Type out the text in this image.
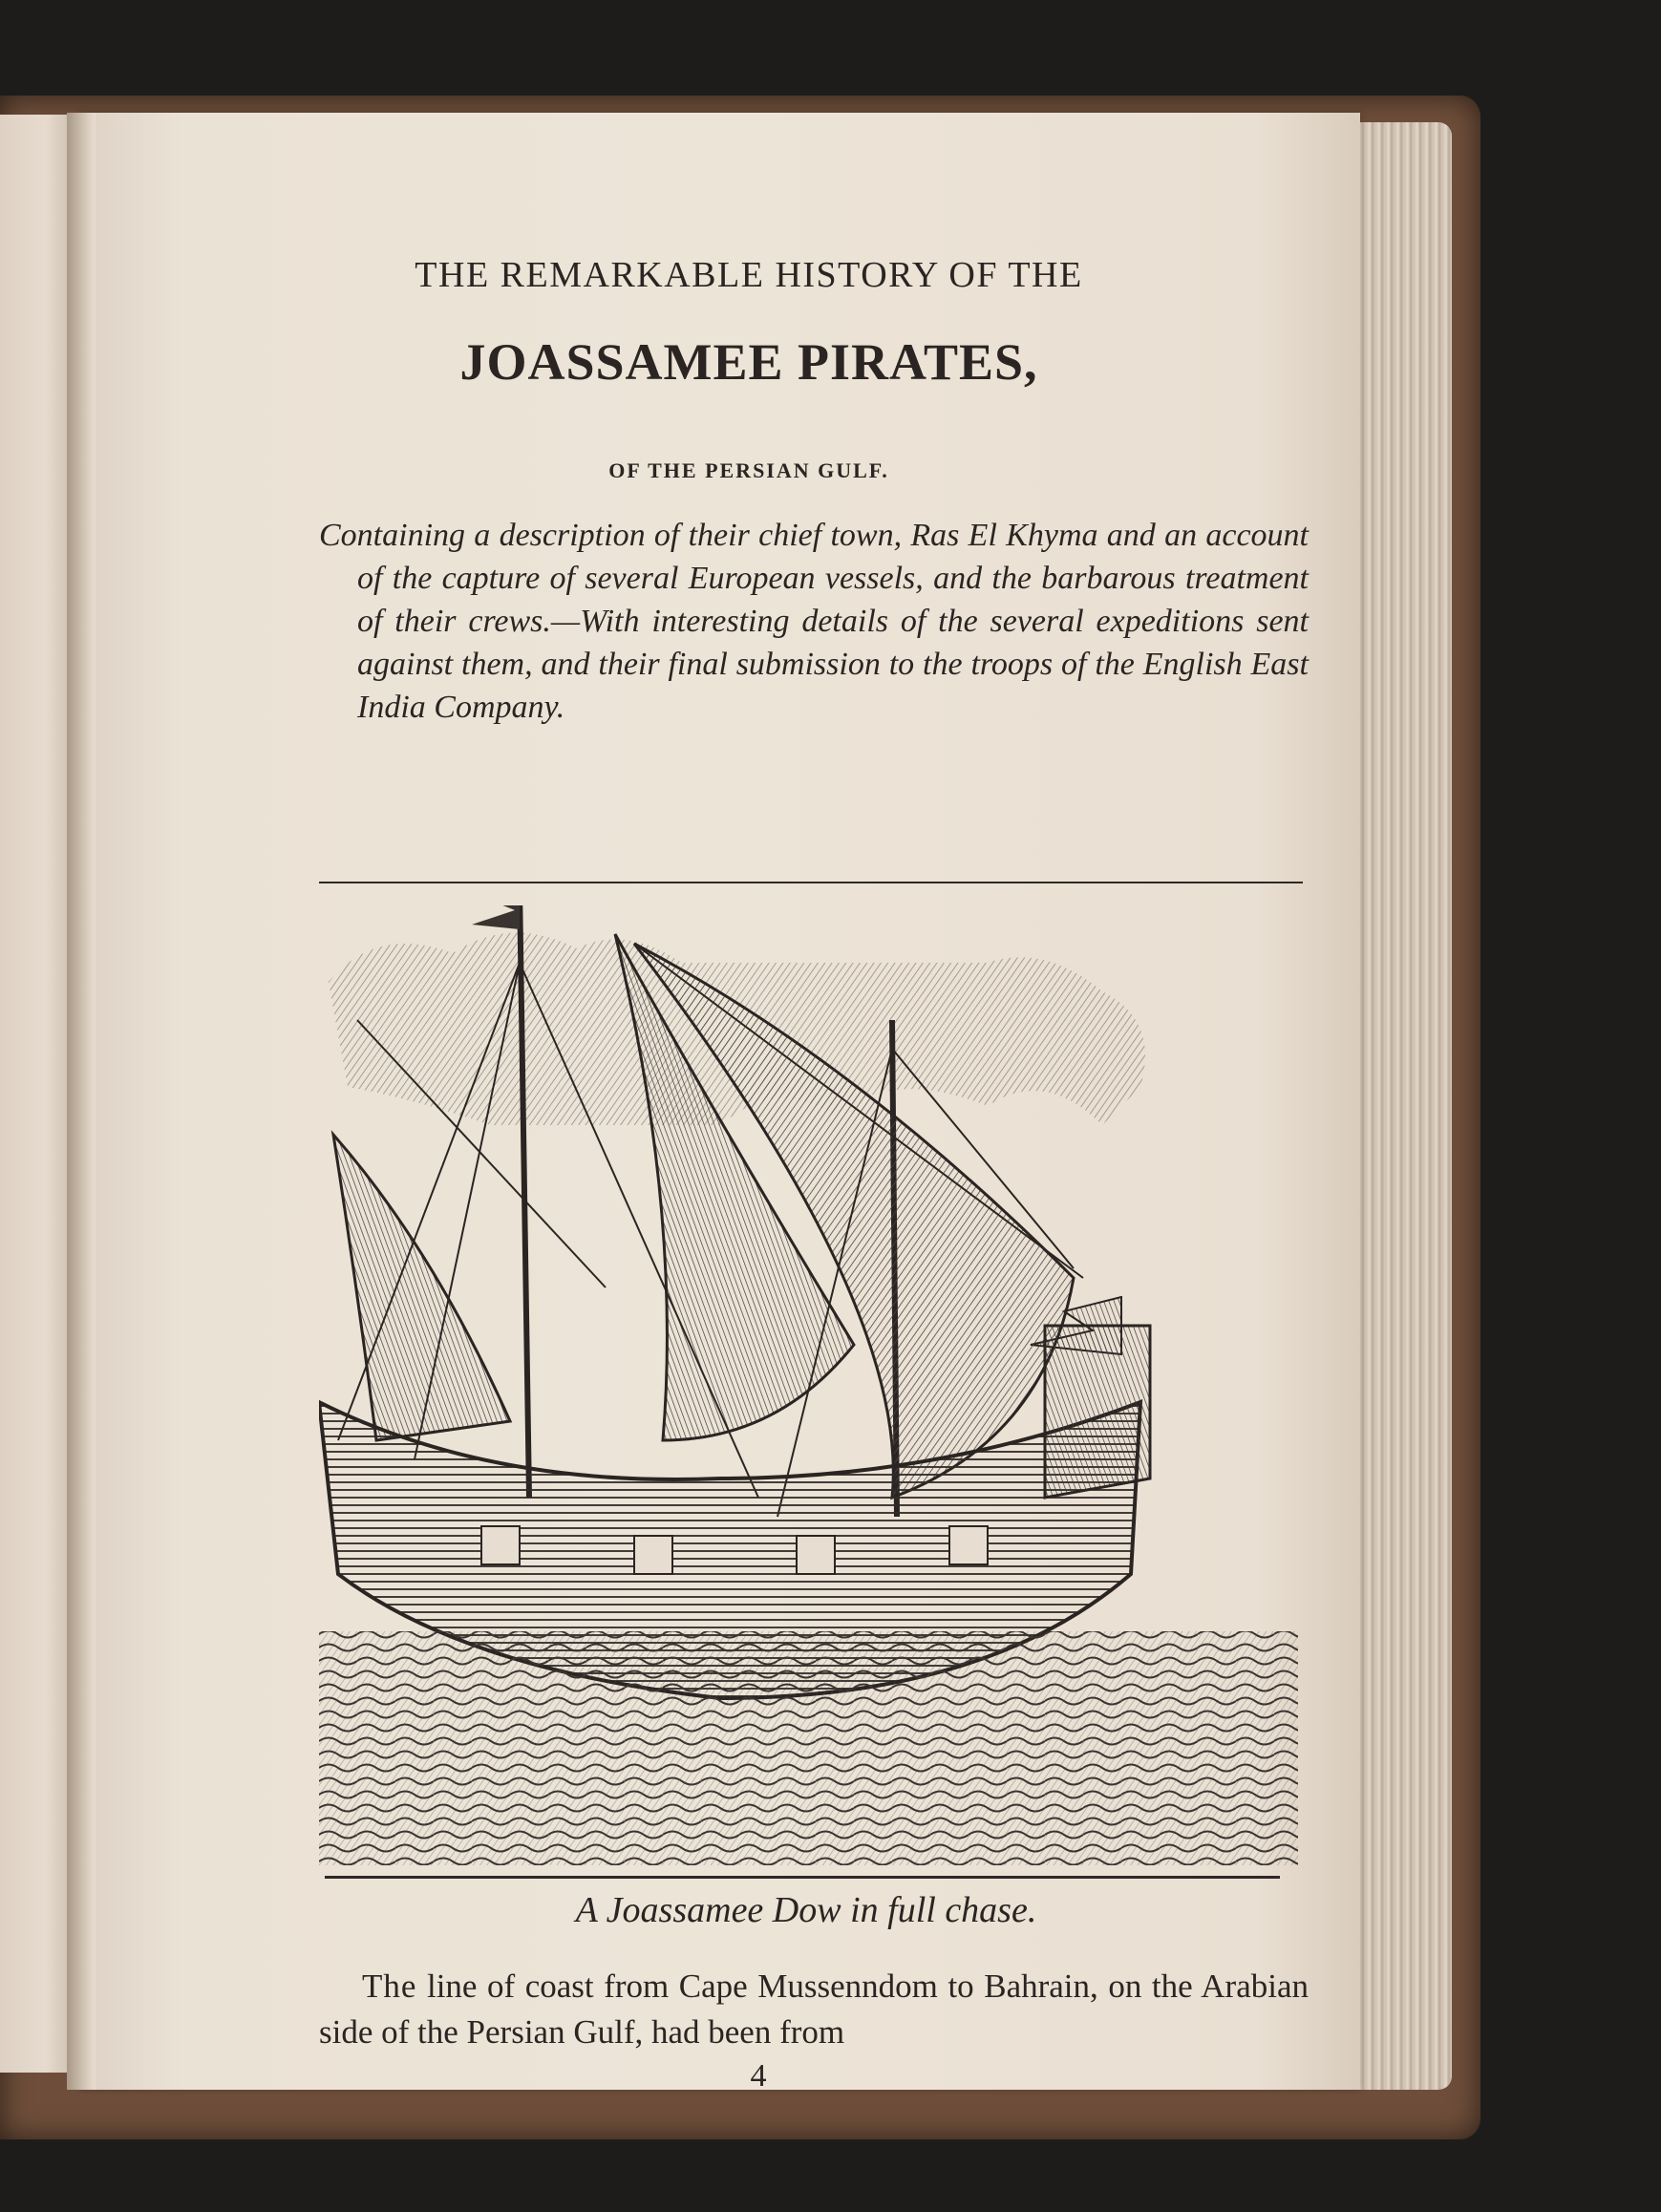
THE REMARKABLE HISTORY OF THE
JOASSAMEE PIRATES,
OF THE PERSIAN GULF.
Containing a description of their chief town, Ras El Khyma and an account of the capture of several European vessels, and the barbarous treatment of their crews.—With interesting details of the several expeditions sent against them, and their final submission to the troops of the English East India Company.
A Joassamee Dow in full chase.
The line of coast from Cape Mussenndom to Bahrain, on the Arabian side of the Persian Gulf, had been from
4
